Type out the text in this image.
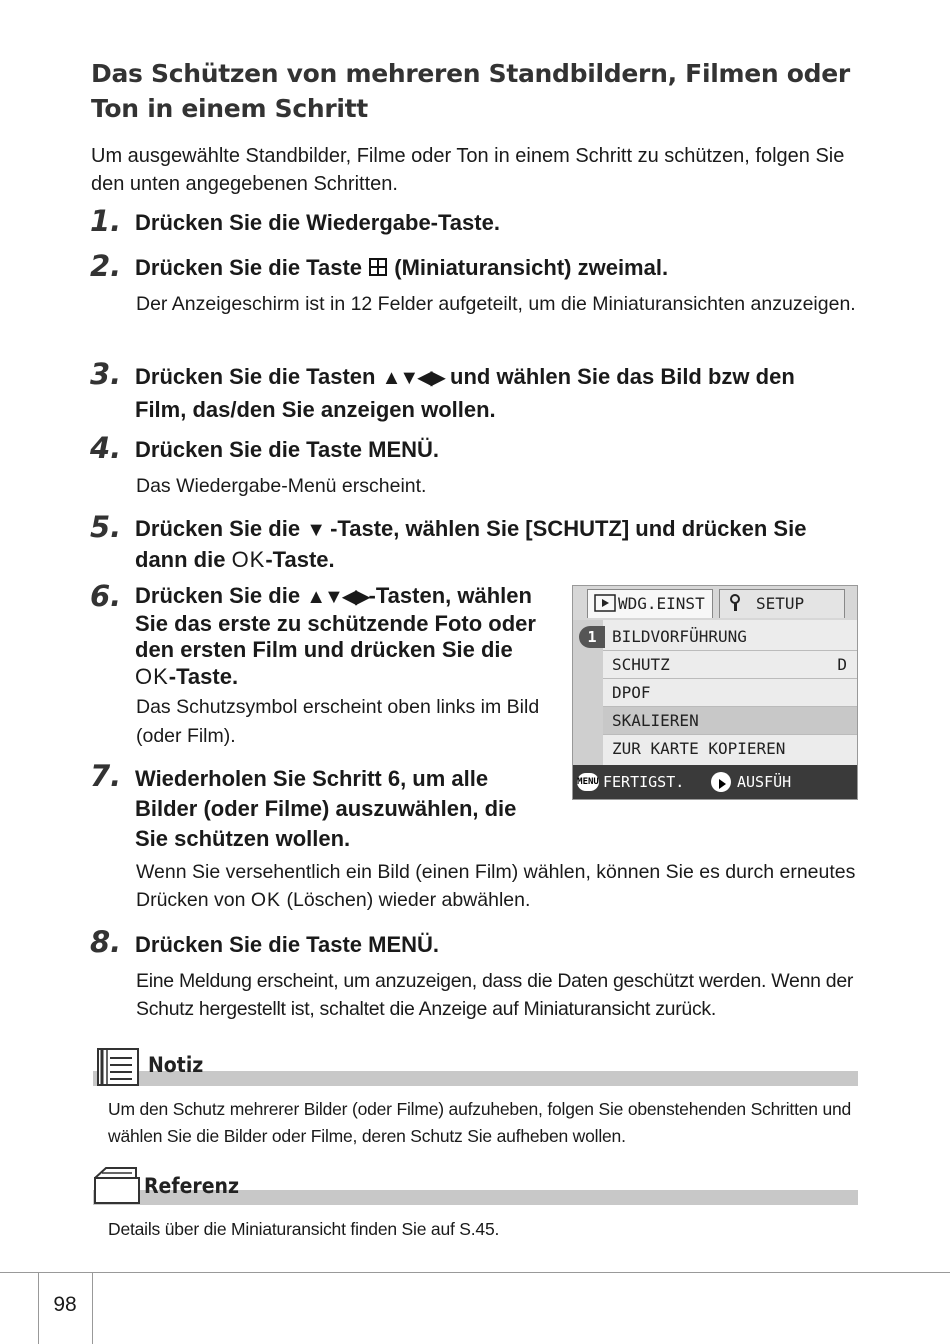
Das Schützen von mehreren Standbildern, Filmen oder Ton in einem Schritt
Um ausgewählte Standbilder, Filme oder Ton in einem Schritt zu schützen, folgen Sie den unten angegebenen Schritten.
1. Drücken Sie die Wiedergabe-Taste.
2. Drücken Sie die Taste  (Miniaturansicht) zweimal.
Der Anzeigeschirm ist in 12 Felder aufgeteilt, um die Miniaturansichten anzuzeigen.
3. Drücken Sie die Tasten ▲▼◀▶ und wählen Sie das Bild bzw den Film, das/den Sie anzeigen wollen.
4. Drücken Sie die Taste MENÜ.
Das Wiedergabe-Menü erscheint.
5. Drücken Sie die ▼ -Taste, wählen Sie [SCHUTZ] und drücken Sie dann die OK-Taste.
6. Drücken Sie die ▲▼◀▶-Tasten, wählen Sie das erste zu schützende Foto oder den ersten Film und drücken Sie die OK-Taste.
Das Schutzsymbol erscheint oben links im Bild (oder Film).
WDG.EINST	SETUP
1 BILDVORFÜHRUNG
SCHUTZ	D
DPOF
SKALIEREN
ZUR KARTE KOPIEREN
MENU FERTIGST.	AUSFÜH
7. Wiederholen Sie Schritt 6, um alle Bilder (oder Filme) auszuwählen, die Sie schützen wollen.
Wenn Sie versehentlich ein Bild (einen Film) wählen, können Sie es durch erneutes Drücken von OK (Löschen) wieder abwählen.
8. Drücken Sie die Taste MENÜ.
Eine Meldung erscheint, um anzuzeigen, dass die Daten geschützt werden. Wenn der Schutz hergestellt ist, schaltet die Anzeige auf Miniaturansicht zurück.
Notiz
Um den Schutz mehrerer Bilder (oder Filme) aufzuheben, folgen Sie obenstehenden Schritten und wählen Sie die Bilder oder Filme, deren Schutz Sie aufheben wollen.
Referenz
Details über die Miniaturansicht finden Sie auf S.45.
98
